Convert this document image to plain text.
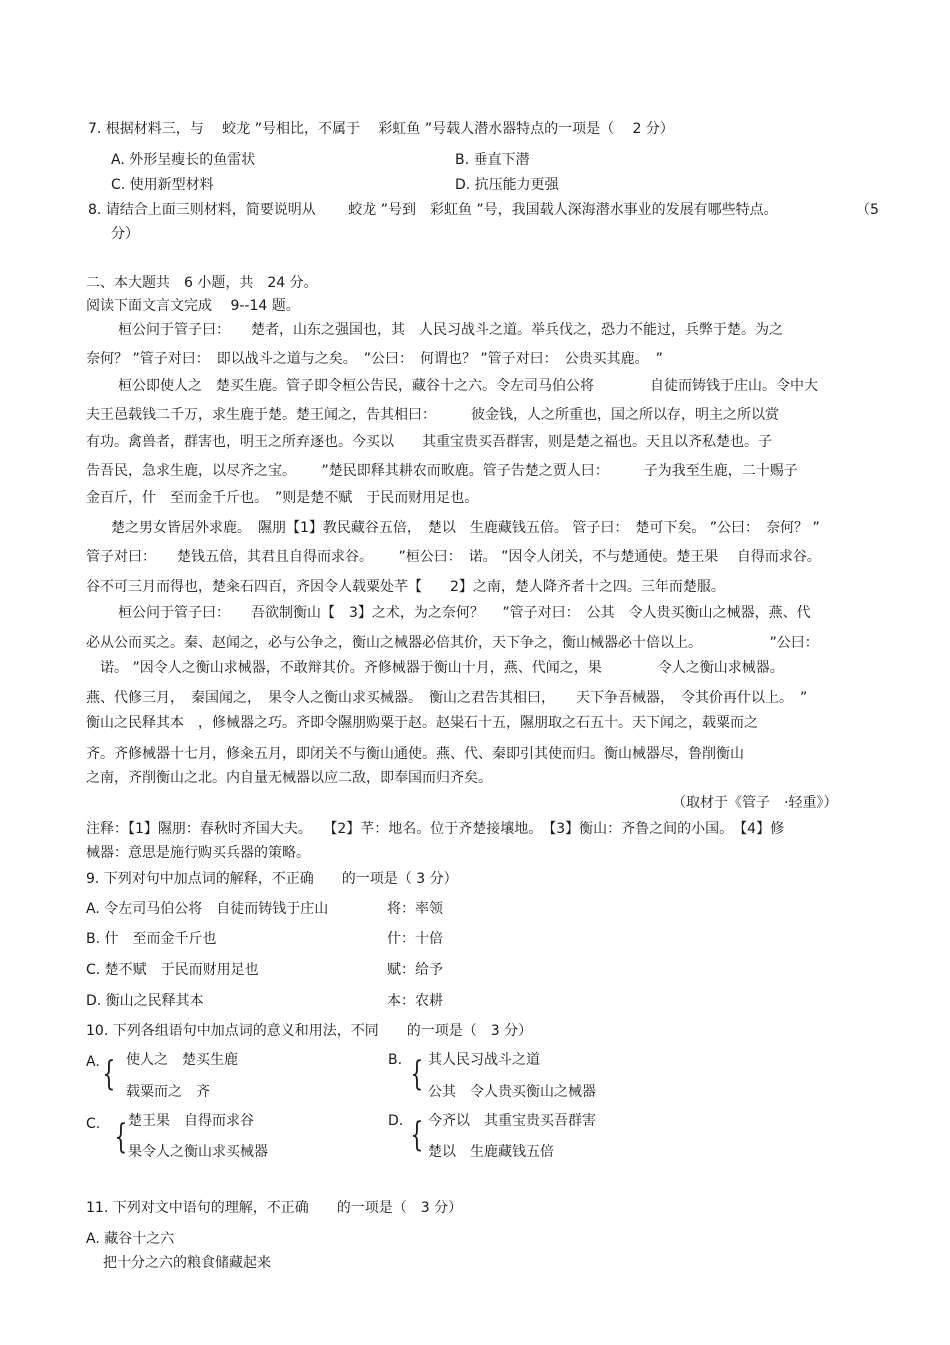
7. 根据材料三，与　 蛟龙 ”号相比，不属于　 彩虹鱼 ”号载人潜水器特点的一项是（　 2 分）
A. 外形呈瘦长的鱼雷状	B. 垂直下潜
C. 使用新型材料	D. 抗压能力更强
8. 请结合上面三则材料，简要说明从　　 蛟龙 ”号到　彩虹鱼 ”号，我国载人深海潜水事业的发展有哪些特点。	（5
分）
二、本大题共　6 小题，共　24 分。
阅读下面文言文完成　 9--14 题。
桓公问于管子曰：　　楚者，山东之强国也，其　人民习战斗之道。举兵伐之，恐力不能过，兵弊于楚。为之
奈何？ ”管子对曰：　即以战斗之道与之矣。　”公曰：　何谓也？ ”管子对曰：　公贵买其鹿。　”
桓公即使人之　楚买生鹿。管子即令桓公告民，藏谷十之六。令左司马伯公将　　　　自徒而铸钱于庄山。令中大
夫王邑载钱二千万，求生鹿于楚。楚王闻之，告其相曰：　　　彼金钱，人之所重也，国之所以存，明主之所以赏
有功。禽兽者，群害也，明王之所弃逐也。今买以　　其重宝贵买吾群害，则是楚之福也。天且以齐私楚也。子
告吾民，急求生鹿，以尽齐之宝。　　 ”楚民即释其耕农而畋鹿。管子告楚之贾人曰：　　　子为我至生鹿，二十赐子
金百斤，什　至而金千斤也。　”则是楚不赋　于民而财用足也。
楚之男女皆居外求鹿。　隰朋【1】教民藏谷五倍，　楚以　生鹿藏钱五倍。 管子曰：　楚可下矣。 ”公曰：　奈何？ ”
管子对曰：　　楚钱五倍，其君且自得而求谷。　　 ”桓公曰：　诺。 ”因令人闭关，不与楚通使。楚王果　 自得而求谷。
谷不可三月而得也，楚籴石四百，齐因令人载粟处芊【　　2】之南，楚人降齐者十之四。三年而楚服。
桓公问于管子曰：　　吾欲制衡山【　3】之术，为之奈何？　 ”管子对曰：　公其　令人贵买衡山之械器，燕、代
必从公而买之。秦、赵闻之，必与公争之，衡山之械器必倍其价，天下争之，衡山械器必十倍以上。　　　　　 ”公曰：
　诺。 ”因令人之衡山求械器，不敢辩其价。齐修械器于衡山十月，燕、代闻之，果　　　　令人之衡山求械器。
燕、代修三月，　秦国闻之，　果令人之衡山求买械器。　衡山之君告其相曰，　　天下争吾械器，　令其价再什以上。　”
衡山之民释其本　，修械器之巧。齐即令隰朋购粟于赵。赵粜石十五，隰朋取之石五十。天下闻之，载粟而之
齐。齐修械器十七月，修籴五月，即闭关不与衡山通使。燕、代、秦即引其使而归。衡山械器尽，鲁削衡山
之南，齐削衡山之北。内自量无械器以应二敌，即奉国而归齐矣。
（取材于《管子　·轻重》）
注释：【1】隰朋：春秋时齐国大夫。　 【2】芊：地名。位于齐楚接壤地。　【3】衡山：齐鲁之间的小国。　【4】修
械器：意思是施行购买兵器的策略。
9. 下列对句中加点词的解释，不正确　　的一项是（ 3 分）
A. 令左司马伯公将　自徒而铸钱于庄山	将：率领
B. 什　至而金千斤也	什：十倍
C. 楚不赋　于民而财用足也	赋：给予
D. 衡山之民释其本	本：农耕
10. 下列各组语句中加点词的意义和用法，不同　　的一项是（　3 分）
A. { 使人之　楚买生鹿
载粟而之　齐
B. { 其人民习战斗之道
公其　令人贵买衡山之械器
C. { 楚王果　自得而求谷
果令人之衡山求买械器
D. { 今齐以　其重宝贵买吾群害
楚以　生鹿藏钱五倍
11. 下列对文中语句的理解，不正确　　的一项是（　3 分）
A. 藏谷十之六
把十分之六的粮食储藏起来
